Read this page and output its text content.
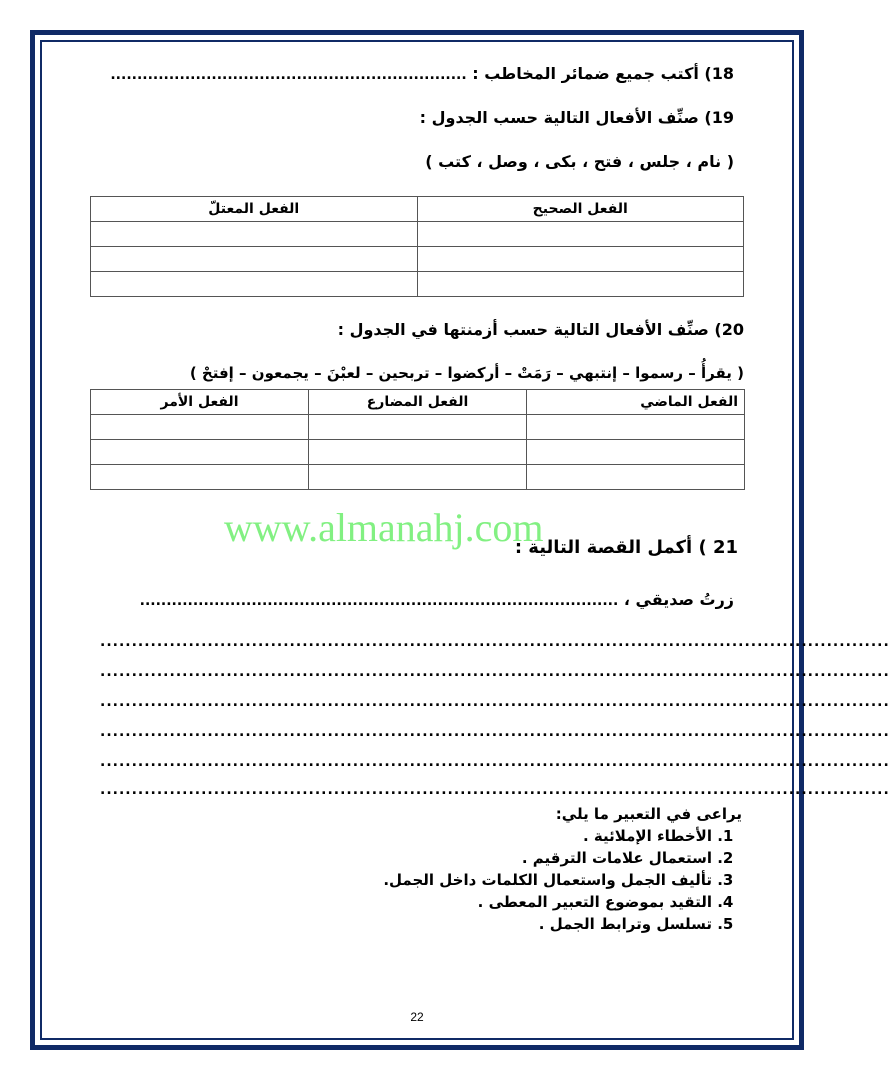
18) أكتب جميع ضمائر المخاطب : ...................................................................
19) صنِّف الأفعال التالية حسب الجدول :
( نام ، جلس ، فتح ، بكى ، وصل ، كتب )
الفعل الصحيح	الفعل المعتلّ

20) صنِّف الأفعال التالية حسب أزمنتها في الجدول :
( يقرأُ – رسموا – إنتبهي – رَمَتْ – أركضوا – تربحين – لعبْنَ – يجمعون – إفتحْ )
الفعل الماضي	الفعل المضارع	الفعل الأمر

21 ) أكمل القصة التالية :
www.almanahj.com
زرتُ صديقي ، ..........................................................................................
.............................................................................................................................
.............................................................................................................................
.............................................................................................................................
.............................................................................................................................
.............................................................................................................................
.............................................................................................................................
يراعى في التعبير ما يلي:
1. الأخطاء الإملائية .
2. استعمال علامات الترقيم .
3. تأليف الجمل واستعمال الكلمات داخل الجمل.
4. التقيد بموضوع التعبير المعطى .
5. تسلسل وترابط الجمل .
22
